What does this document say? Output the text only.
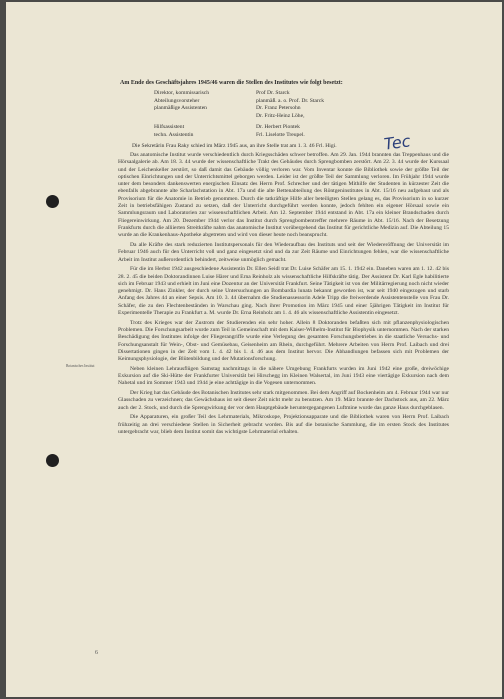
Am Ende des Geschäftsjahres 1945/46 waren die Stellen des Institutes wie folgt besetzt:
Direktor, kommissarisch	Prof Dr. Starck
Abteilungsvorsteher	planmäß. a. o. Prof. Dr. Starck
planmäßige Assistenten	Dr. Franz Petersohn
Dr. Fritz-Heinz Löhe,
Hilfsassistent	Dr. Herbert Piontek
techn. Assistentin	Frl. Liselotte Treupel.	Tec
Die Sekretärin Frau Raky schied im März 1945 aus, an ihre Stelle trat am 1. 3. 46 Frl. Higi.

Das anatomische Institut wurde verschiedentlich durch Kriegsschäden schwer betroffen. Am 29. Jan. 1944 brannten das Treppenhaus und die Hörsaalgalerie ab. Am 18. 3. 44 wurde der wissenschaftliche Trakt des Gebäudes durch Sprengbomben zerstört. Am 22. 3. 44 wurde der Kurssaal und der Leichenkeller zerstört, so daß damit das Gebäude völlig verloren war. Vom Inventar konnte die Bibliothek sowie der größte Teil der optischen Einrichtungen und der Unterrichtsmittel geborgen werden. Leider ist der größte Teil der Sammlung verloren. Im Frühjahr 1944 wurde unter dem besonders dankenswerten energischen Einsatz des Herrn Prof. Schrecher und der tätigen Mithilfe der Studenten in kürzester Zeit die ebenfalls abgebrannte alte Scharlachstation in Abt. 17a und die alte Bettenabteilung des Röntgeninstitutes in Abt. 15/16 neu aufgebaut und als Provisorium für die Anatomie in Betrieb genommen. Durch die tatkräftige Hilfe aller beteiligten Stellen gelang es, das Provisorium in so kurzer Zeit in betriebsfähigen Zustand zu setzen, daß der Unterricht durchgeführt werden konnte, jedoch fehlten ein eigener Hörsaal sowie ein Sammlungsraum und Laboratorien zur wissenschaftlichen Arbeit. Am 12. September 1944 entstand in Abt. 17a ein kleiner Brandschaden durch Fliegereinwirkung. Am 20. Dezember 1944 verlor das Institut durch Sprengbombentreffer mehrere Räume in Abt. 15/16. Nach der Besetzung Frankfurts durch die alliierten Streitkräfte nahm das anatomische Institut vorübergehend das Institut für gerichtliche Medizin auf. Die Abteilung 15 wurde an die Krankenhaus-Apotheke abgetreten und wird von dieser heute noch beansprucht.

Da alle Kräfte des stark reduzierten Institutspersonals für den Wiederaufbau des Instituts und seit der Wiedereröffnung der Universität im Februar 1946 auch für den Unterricht voll und ganz eingesetzt sind und da zur Zeit Räume und Einrichtungen fehlen, war die wissenschaftliche Arbeit im Institut außerordentlich behindert, zeitweise unmöglich gemacht.

Für die im Herbst 1942 ausgeschiedene Assistentin Dr. Ellen Seidl trat Dr. Luise Schäfer am 15. 1. 1942 ein. Daneben waren am 1. 12. 42 bis 28. 2. 45 die beiden Doktorandinnen Luise Härer und Erna Reinholz als wissenschaftliche Hilfskräfte tätig. Der Assistent Dr. Karl Egle habilitierte sich im Februar 1943 und erhielt im Juni eine Dozentur an der Universität Frankfurt. Seine Tätigkeit ist von der Militärregierung noch nicht wieder genehmigt. Dr. Hans Zinkler, der durch seine Untersuchungen an Bombardia lunata bekannt geworden ist, war seit 1940 eingezogen und starb Anfang des Jahres 44 an einer Sepsis. Am 10. 3. 44 übernahm die Studienassessorin Adele Tripp die freiwerdende Assistentenstelle von Frau Dr. Schäfer, die zu den Flechtenbeständen in Warschau ging. Nach ihrer Promotion im März 1945 und einer 5jährigen Tätigkeit im Institut für Experimentelle Therapie zu Frankfurt a. M. wurde Dr. Erna Reinholz am 1. 4. 46 als wissenschaftliche Assistentin eingesetzt.

Trotz des Krieges war der Zustrom der Studierenden ein sehr hoher. Allein 8 Doktoranden befaßten sich mit pflanzenphysiologischen Problemen. Die Forschungsarbeit wurde zum Teil in Gemeinschaft mit dem Kaiser-Wilhelm-Institut für Biophysik unternommen. Nach der starken Beschädigung des Institutes infolge der Fliegerangriffe wurde eine Verlegung des gesamten Forschungsbetriebes in die staatliche Versuchs- und Forschungsanstalt für Wein-, Obst- und Gemüsebau, Geisenheim am Rhein, durchgeführt. Mehrere Arbeiten von Herrn Prof. Laibach und drei Dissertationen gingen in der Zeit vom 1. 4. 42 bis 1. 4. 46 aus dem Institut hervor. Die Abhandlungen befassen sich mit Problemen der Keimungsphysiologie, der Blütenbildung und der Mutationsforschung.

Neben kleinen Lehrausflügen Samstag nachmittags in die nähere Umgebung Frankfurts wurden im Juni 1942 eine große, dreiwöchige Exkursion auf die Ski-Hütte der Frankfurter Universität bei Hirschegg im Kleinen Walsertal, im Juni 1943 eine viertägige Exkursion nach dem Nahetal und im Sommer 1943 und 1944 je eine achttägige in die Vogesen unternommen.

Der Krieg hat das Gebäude des Botanischen Institutes sehr stark mitgenommen. Bei dem Angriff auf Bockenheim am 4. Februar 1944 war nur Glasschaden zu verzeichnen; das Gewächshaus ist seit dieser Zeit nicht mehr zu benutzen. Am 19. März brannte der Dachstock aus, am 22. März auch der 2. Stock, und durch die Sprengwirkung der vor dem Hauptgebäude heruntergegangenen Luftmine wurde das ganze Haus durchgeblasen.

Die Apparaturen, ein großer Teil des Lehrmaterials, Mikroskope, Projektionsapparate und die Bibliothek waren von Herrn Prof. Laibach frühzeitig an drei verschiedene Stellen in Sicherheit gebracht worden. Bis auf die botanische Sammlung, die im ersten Stock des Institutes untergebracht war, blieb dem Institut somit das wichtigste Lehrmaterial erhalten.

Botanisches Institut
6
